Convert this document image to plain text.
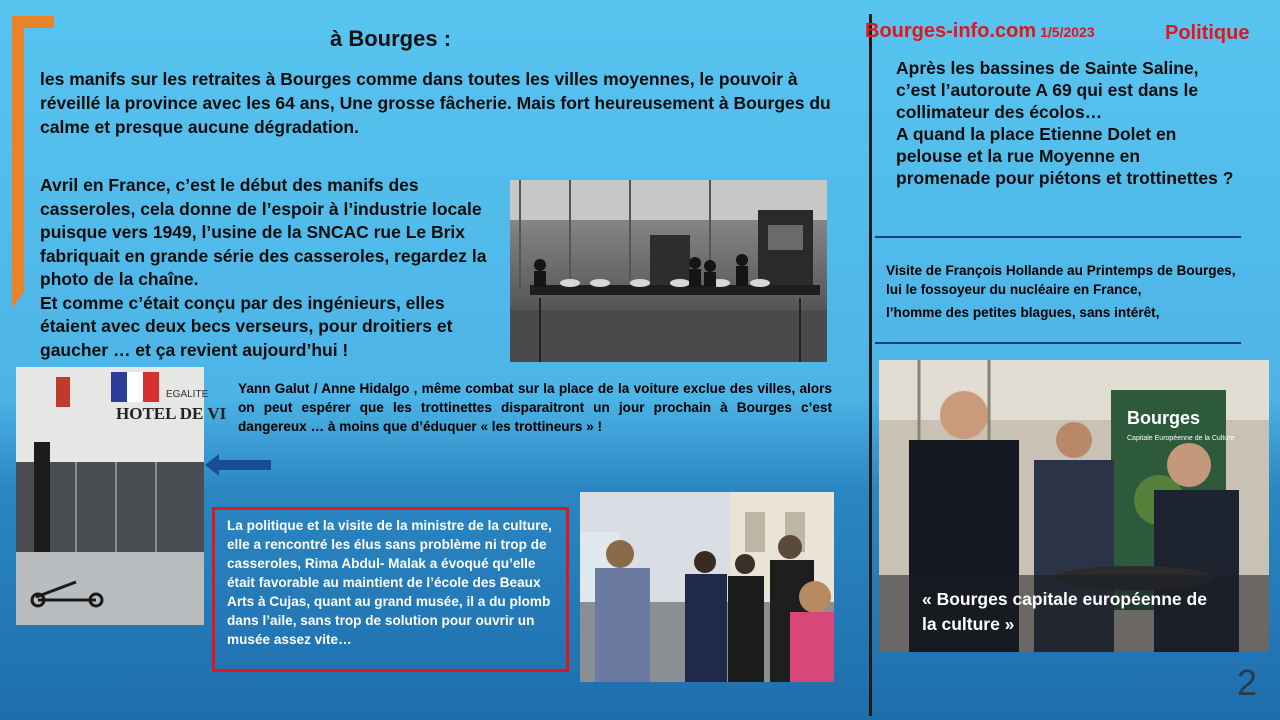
à Bourges :
les manifs sur les retraites à Bourges comme dans toutes les villes moyennes, le pouvoir à réveillé la province avec les 64 ans, Une grosse fâcherie. Mais fort heureusement à Bourges du calme et presque aucune dégradation.
Avril en France, c’est le début des manifs des casseroles, cela donne de l’espoir à l’industrie locale puisque vers 1949, l’usine de la SNCAC rue Le Brix fabriquait en grande série des casseroles, regardez la photo de la chaîne.
Et comme c’était conçu par des ingénieurs, elles étaient avec deux becs verseurs, pour droitiers et gaucher … et ça revient aujourd’hui !
EGALITE
HOTEL DE VI
Yann Galut / Anne Hidalgo , même combat sur la place de la voiture exclue des villes, alors on peut espérer que les trottinettes disparaitront un jour prochain à Bourges c’est dangereux … à moins que d’éduquer « les trottineurs » !
La politique et la visite de la ministre de la culture, elle a rencontré les élus sans problème ni trop de casseroles, Rima Abdul- Malak a évoqué qu’elle était favorable au maintient de l’école des Beaux Arts à Cujas, quant au grand musée, il a du plomb dans l’aile, sans trop de solution pour ouvrir un musée assez vite…
Bourges-info.com 1/5/2023	Politique
Après les bassines de Sainte Saline, c’est l’autoroute A 69 qui est dans le collimateur des écolos…
A quand la place Etienne Dolet en pelouse et la rue Moyenne en promenade pour piétons et trottinettes ?
Visite de François Hollande au Printemps de Bourges, lui le fossoyeur du nucléaire en France,
l’homme des petites blagues, sans intérêt,
Bourges
Capitale Européenne de la Culture
« Bourges capitale européenne de la culture »
2
